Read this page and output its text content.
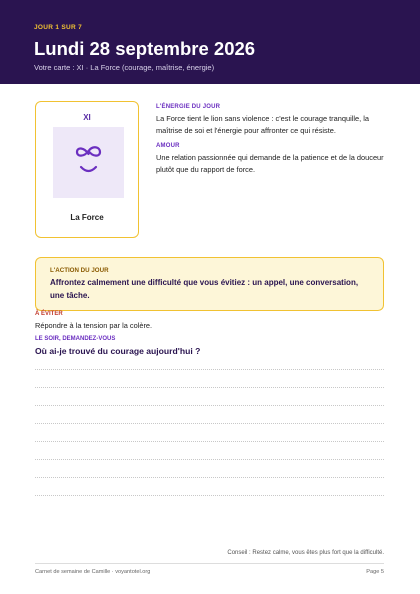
JOUR 1 SUR 7
Lundi 28 septembre 2026
Votre carte : XI · La Force (courage, maîtrise, énergie)
XI
La Force
L'ÉNERGIE DU JOUR
La Force tient le lion sans violence : c'est le courage tranquille, la maîtrise de soi et l'énergie pour affronter ce qui résiste.
AMOUR
Une relation passionnée qui demande de la patience et de la douceur plutôt que du rapport de force.
L'ACTION DU JOUR
Affrontez calmement une difficulté que vous évitiez : un appel, une conversation, une tâche.
À ÉVITER
Répondre à la tension par la colère.
LE SOIR, DEMANDEZ-VOUS
Où ai-je trouvé du courage aujourd'hui ?
Conseil : Restez calme, vous êtes plus fort que la difficulté.
Carnet de semaine de Camille · voyantotel.org	Page 5
